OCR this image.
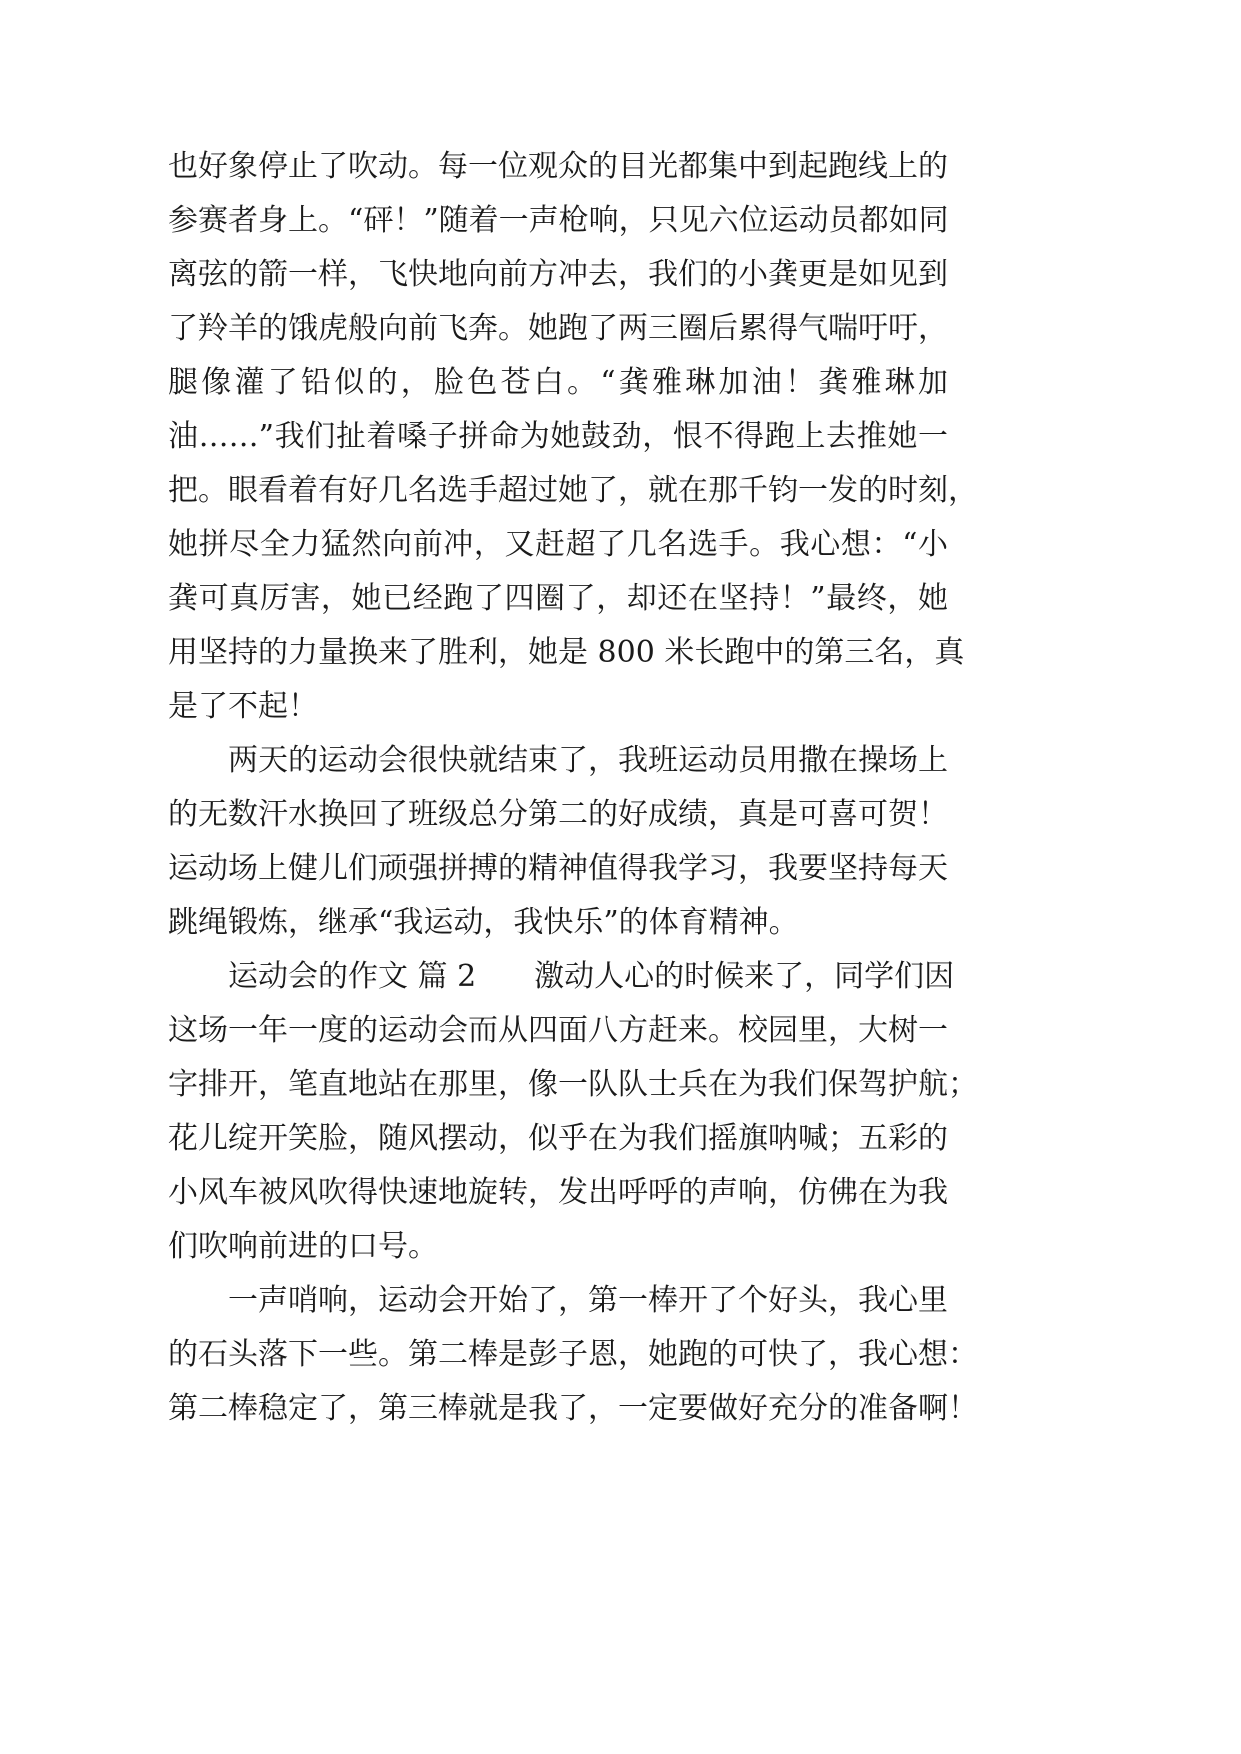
也好象停止了吹动。每一位观众的目光都集中到起跑线上的
参赛者身上。“砰！”随着一声枪响，只见六位运动员都如同
离弦的箭一样，飞快地向前方冲去，我们的小龚更是如见到
了羚羊的饿虎般向前飞奔。她跑了两三圈后累得气喘吁吁，
腿像灌了铅似的，脸色苍白。“龚雅琳加油！龚雅琳加
油……”我们扯着嗓子拼命为她鼓劲，恨不得跑上去推她一
把。眼看着有好几名选手超过她了，就在那千钧一发的时刻，
她拼尽全力猛然向前冲，又赶超了几名选手。我心想：“小
龚可真厉害，她已经跑了四圈了，却还在坚持！”最终，她
用坚持的力量换来了胜利，她是 800 米长跑中的第三名，真
是了不起！
两天的运动会很快就结束了，我班运动员用撒在操场上
的无数汗水换回了班级总分第二的好成绩，真是可喜可贺！
运动场上健儿们顽强拼搏的精神值得我学习，我要坚持每天
跳绳锻炼，继承“我运动，我快乐”的体育精神。
运动会的作文 篇 2 激动人心的时候来了，同学们因
这场一年一度的运动会而从四面八方赶来。校园里，大树一
字排开，笔直地站在那里，像一队队士兵在为我们保驾护航；
花儿绽开笑脸，随风摆动，似乎在为我们摇旗呐喊；五彩的
小风车被风吹得快速地旋转，发出呼呼的声响，仿佛在为我
们吹响前进的口号。
一声哨响，运动会开始了，第一棒开了个好头，我心里
的石头落下一些。第二棒是彭子恩，她跑的可快了，我心想：
第二棒稳定了，第三棒就是我了，一定要做好充分的准备啊！
